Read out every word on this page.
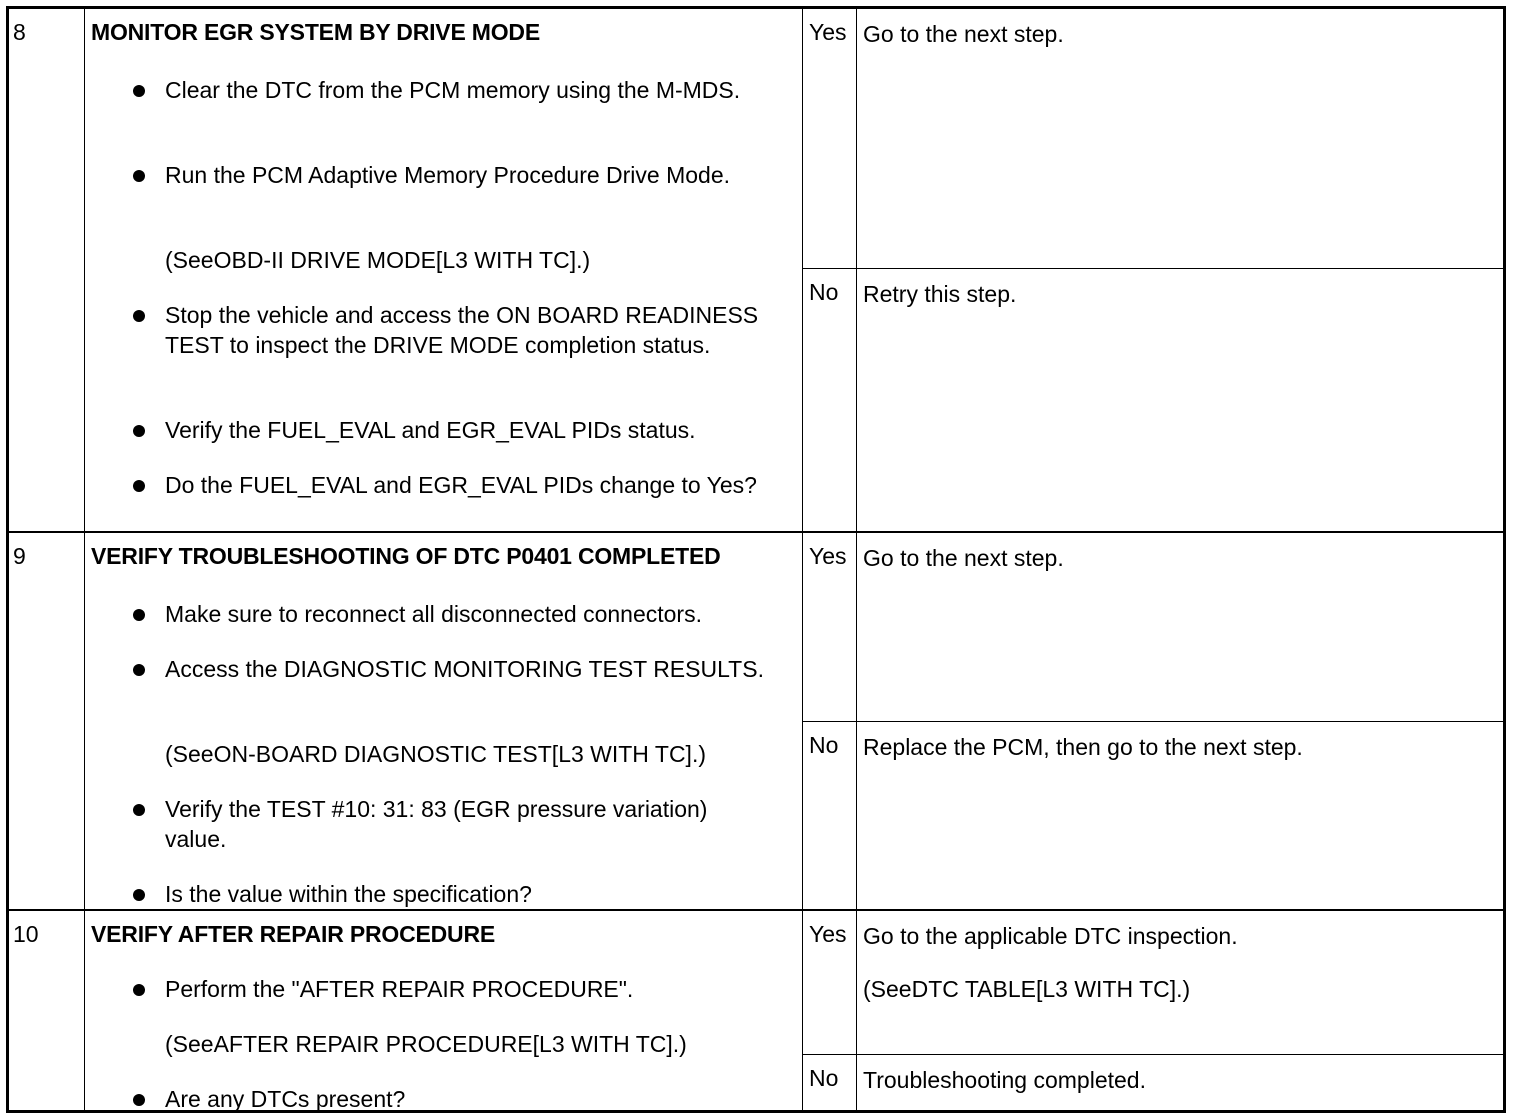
8	MONITOR EGR SYSTEM BY DRIVE MODE
Clear the DTC from the PCM memory using the M-MDS.
Run the PCM Adaptive Memory Procedure Drive Mode.
(SeeOBD-II DRIVE MODE[L3 WITH TC].)
Stop the vehicle and access the ON BOARD READINESS TEST to inspect the DRIVE MODE completion status.
Verify the FUEL_EVAL and EGR_EVAL PIDs status.
Do the FUEL_EVAL and EGR_EVAL PIDs change to Yes?
Yes Go to the next step.
No Retry this step.
9	VERIFY TROUBLESHOOTING OF DTC P0401 COMPLETED
Make sure to reconnect all disconnected connectors.
Access the DIAGNOSTIC MONITORING TEST RESULTS.
(SeeON-BOARD DIAGNOSTIC TEST[L3 WITH TC].)
Verify the TEST #10: 31: 83 (EGR pressure variation) value.
Is the value within the specification?
Yes Go to the next step.
No Replace the PCM, then go to the next step.
10 VERIFY AFTER REPAIR PROCEDURE
Perform the "AFTER REPAIR PROCEDURE".
(SeeAFTER REPAIR PROCEDURE[L3 WITH TC].)
Are any DTCs present?
Yes Go to the applicable DTC inspection.
(SeeDTC TABLE[L3 WITH TC].)
No Troubleshooting completed.
